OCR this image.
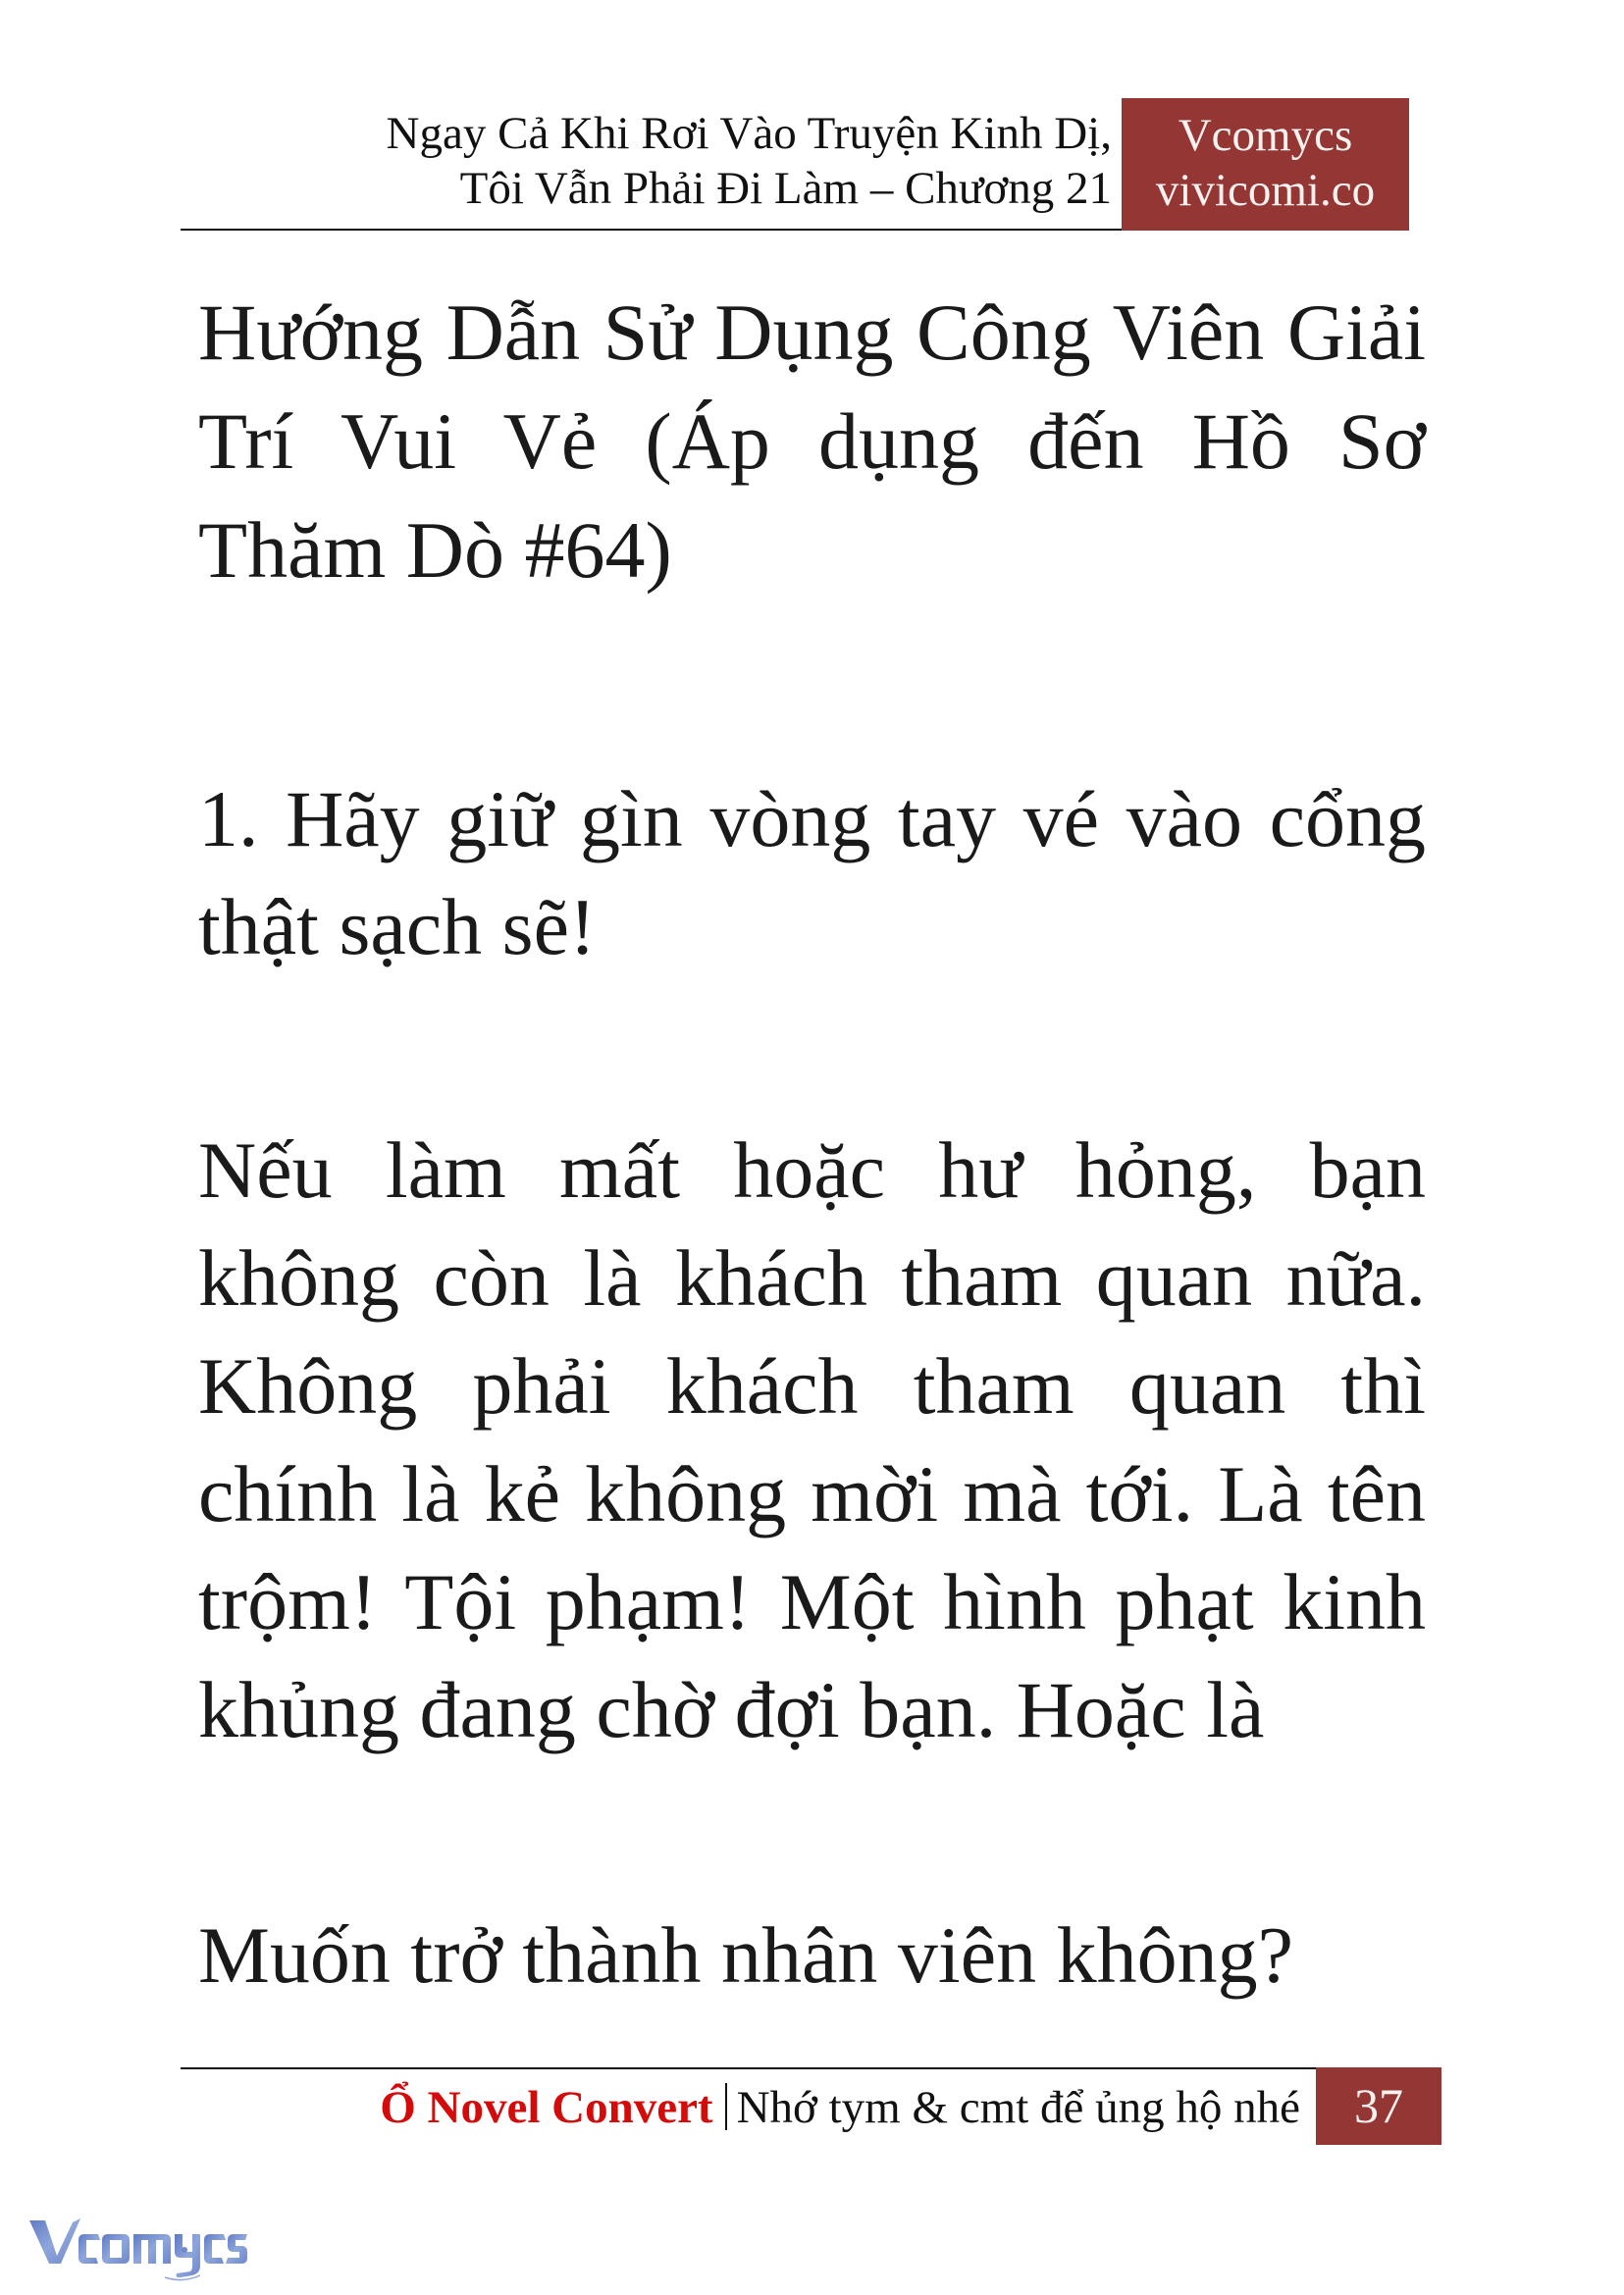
Ngay Cả Khi Rơi Vào Truyện Kinh Dị,
Tôi Vẫn Phải Đi Làm – Chương 21
Vcomycs
vivicomi.co

Hướng Dẫn Sử Dụng Công Viên Giải Trí Vui Vẻ (Áp dụng đến Hồ Sơ Thăm Dò #64)

1. Hãy giữ gìn vòng tay vé vào cổng thật sạch sẽ!

Nếu làm mất hoặc hư hỏng, bạn không còn là khách tham quan nữa. Không phải khách tham quan thì chính là kẻ không mời mà tới. Là tên trộm! Tội phạm! Một hình phạt kinh khủng đang chờ đợi bạn. Hoặc là

Muốn trở thành nhân viên không?

Ổ Novel Convert Nhớ tym & cmt để ủng hộ nhé	37
